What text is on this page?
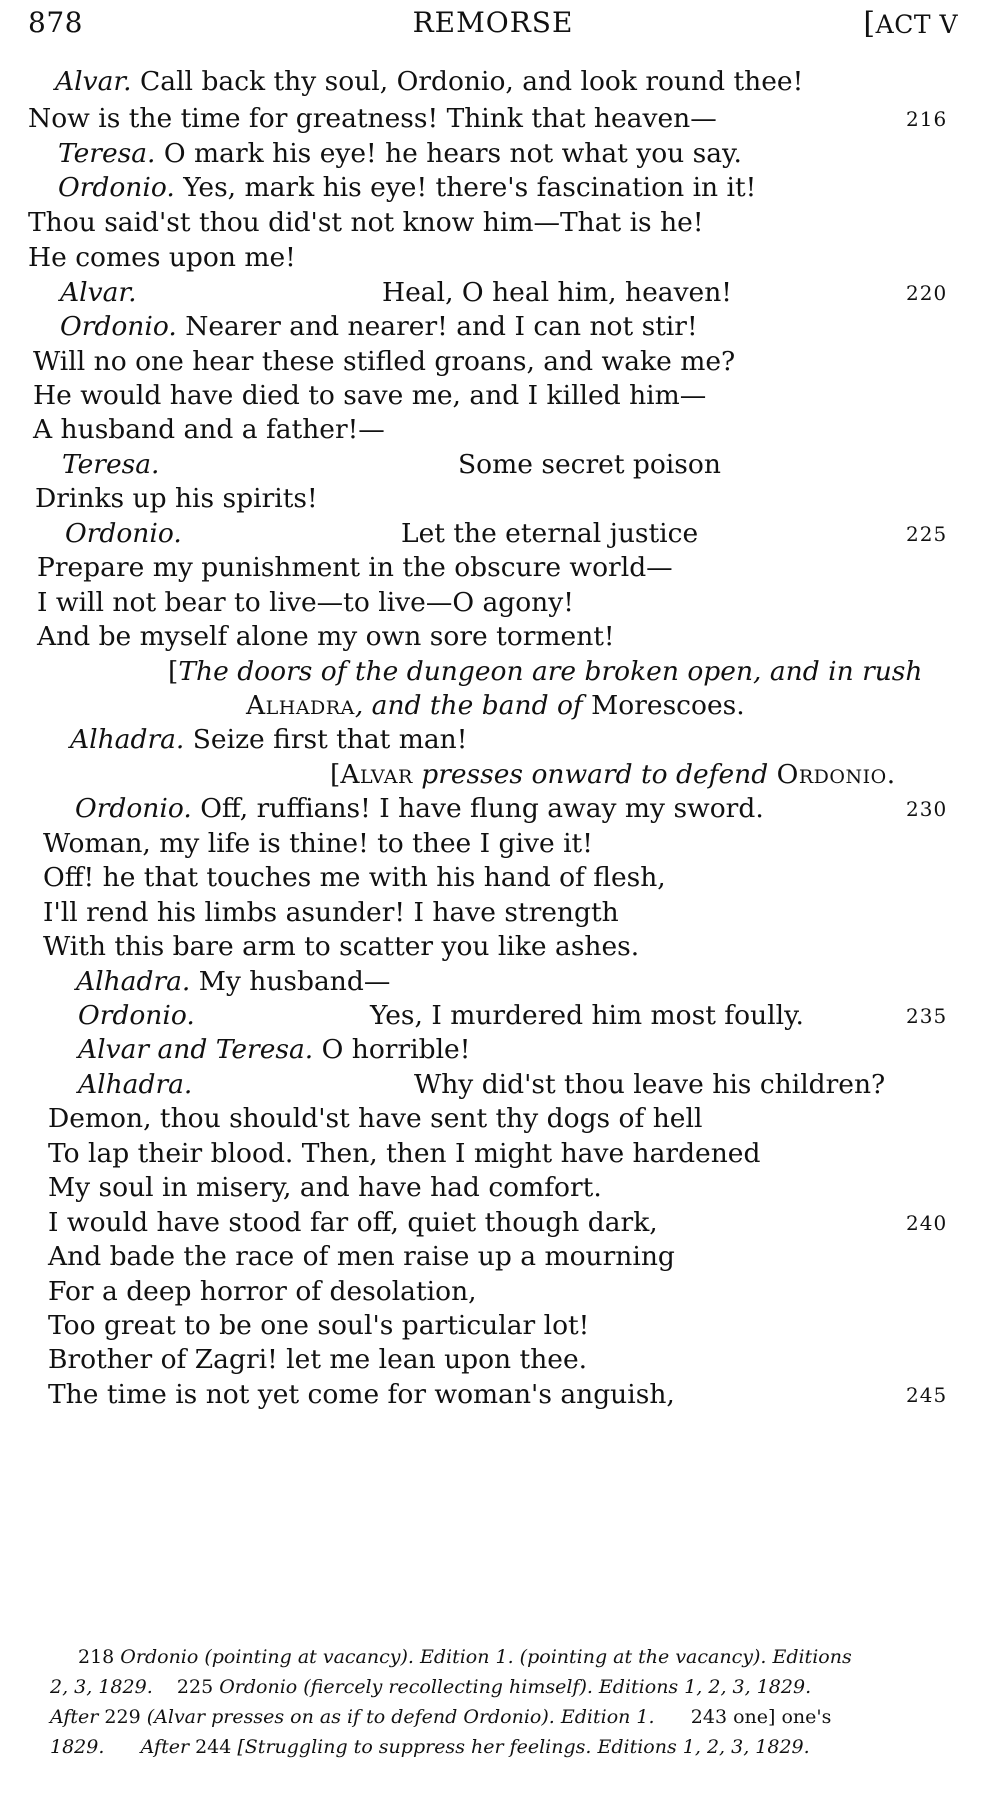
878	REMORSE	[ACT V
Alvar. Call back thy soul, Ordonio, and look round thee!
Now is the time for greatness! Think that heaven—	216
Teresa. O mark his eye! he hears not what you say.
Ordonio. Yes, mark his eye! there's fascination in it!
Thou said'st thou did'st not know him—That is he!
He comes upon me!
Alvar.	Heal, O heal him, heaven!	220
Ordonio. Nearer and nearer! and I can not stir!
Will no one hear these stifled groans, and wake me?
He would have died to save me, and I killed him—
A husband and a father!—
Teresa.	Some secret poison
Drinks up his spirits!
Ordonio.	Let the eternal justice	225
Prepare my punishment in the obscure world—
I will not bear to live—to live—O agony!
And be myself alone my own sore torment!
[The doors of the dungeon are broken open, and in rush
Alhadra, and the band of Morescoes.
Alhadra. Seize first that man!
[Alvar presses onward to defend Ordonio.
Ordonio. Off, ruffians! I have flung away my sword.	230
Woman, my life is thine! to thee I give it!
Off! he that touches me with his hand of flesh,
I'll rend his limbs asunder! I have strength
With this bare arm to scatter you like ashes.
Alhadra. My husband—
Ordonio.	Yes, I murdered him most foully.	235
Alvar and Teresa. O horrible!
Alhadra.	Why did'st thou leave his children?
Demon, thou should'st have sent thy dogs of hell
To lap their blood. Then, then I might have hardened
My soul in misery, and have had comfort.
I would have stood far off, quiet though dark,	240
And bade the race of men raise up a mourning
For a deep horror of desolation,
Too great to be one soul's particular lot!
Brother of Zagri! let me lean upon thee.
The time is not yet come for woman's anguish,	245
218 Ordonio (pointing at vacancy). Edition 1. (pointing at the vacancy). Editions
2, 3, 1829. 225 Ordonio (fiercely recollecting himself). Editions 1, 2, 3, 1829.
After 229 (Alvar presses on as if to defend Ordonio). Edition 1. 243 one] one's
1829. After 244 [Struggling to suppress her feelings. Editions 1, 2, 3, 1829.
